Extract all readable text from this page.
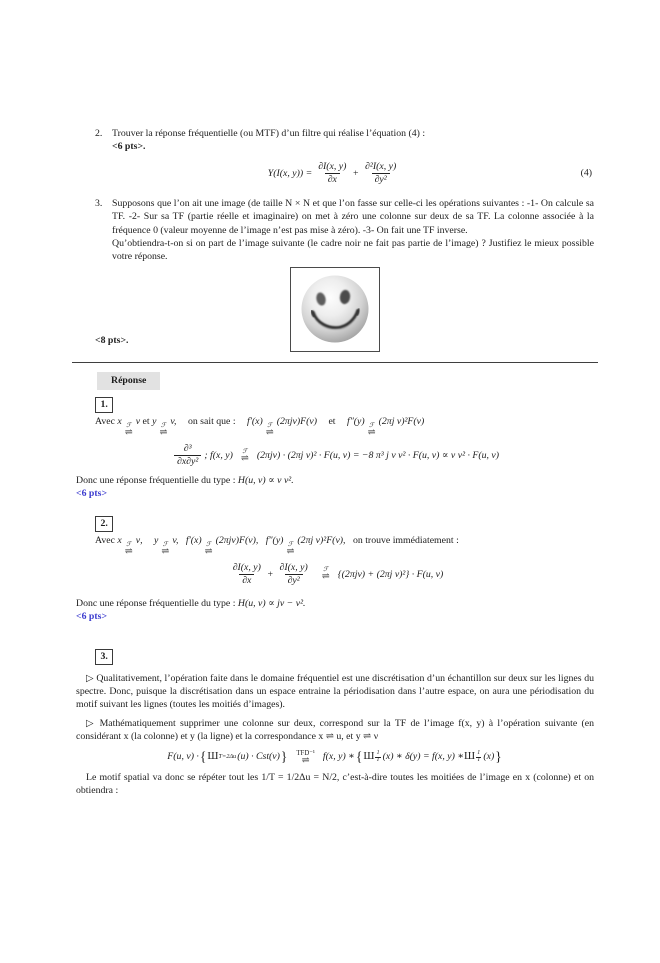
2. Trouver la réponse fréquentielle (ou MTF) d’un filtre qui réalise l’équation (4) :
<6 pts>.
Υ(I(x, $y)) = \frac{\partial I(x, y)}{\partial x} + \frac{\text{∂²I(x, y)}}{\text{∂y²}}$	(4)
3. Supposons que l’on ait une image (de taille N × N et que l’on fasse sur celle-ci les opérations suivantes : -1- On calcule sa TF. -2- Sur sa TF (partie réelle et imaginaire) on met à zéro une colonne sur deux de sa TF. La colonne associée à la fréquence 0 (valeur moyenne de l’image n’est pas mise à zéro). -3- On fait une TF inverse.
Qu’obtiendra-t-on si on part de l’image suivante (le cadre noir ne fait pas partie de l’image) ? Justifiez le mieux possible votre réponse.
<8 pts>.
Réponse
1.
Avec x ℱ
⇌
ν et y ℱ
⇌
v, on sait que : f′(x) ℱ
⇌
(2πjν)F(ν) et f″(y) ℱ
⇌
(2πj v)²F(v)
$\frac{\text{∂³}}{\text{∂x∂y²}}$ ; f(x, y) ℱ
⇌ (2πjν) · (2πj v)² · F(u, v) = −8 π³ j ν v² · F(u, v) ∝ ν v² · F(u, v)

Donc une réponse fréquentielle du type : H(u, ν) ∝ ν v².

<6 pts>
2.
Avec x ℱ
⇌
ν, y ℱ
⇌
v, f′(x) ℱ
⇌
(2πjν)F(ν), f″(y) ℱ
⇌
(2πj v)²F(v), on trouve immédiatement :
$\frac{\partial I(x, y)}{\partial x} + \frac{\partial I(x, y)}{\text{∂y²}}$ ℱ
⇌ {(2πjν) + (2πj v)²} · F(u, v)

Donc une réponse fréquentielle du type : H(u, ν) ∝ jν − v².

<6 pts>
3.

▷ Qualitativement, l’opération faite dans le domaine fréquentiel est une discrétisation d’un échantillon sur deux sur les lignes du spectre. Donc, puisque la discrétisation dans un espace entraine la périodisation dans l’autre espace, on aura une périodisation du motif suivant les lignes (toutes les moitiés d’images).

▷ Mathématiquement supprimer une colonne sur deux, correspond sur la TF de l’image f(x, y) à l’opération suivante (en considérant x (la colonne) et y (la ligne) et la correspondance x ⇌ u, et y ⇌ ν

F(u, ν) · { Ш T=2Δu (u) · Cst(ν) } TFD⁻¹
⇌ f(x, y) ∗ { Ш 1
T (x) ∗ δ(y) = f(x, y) ∗ Ш 1
T (x) }

Le motif spatial va donc se répéter tout les 1/T = 1/2Δu = N/2, c’est-à-dire toutes les moitiées de l’image en x (colonne) et on obtiendra :
